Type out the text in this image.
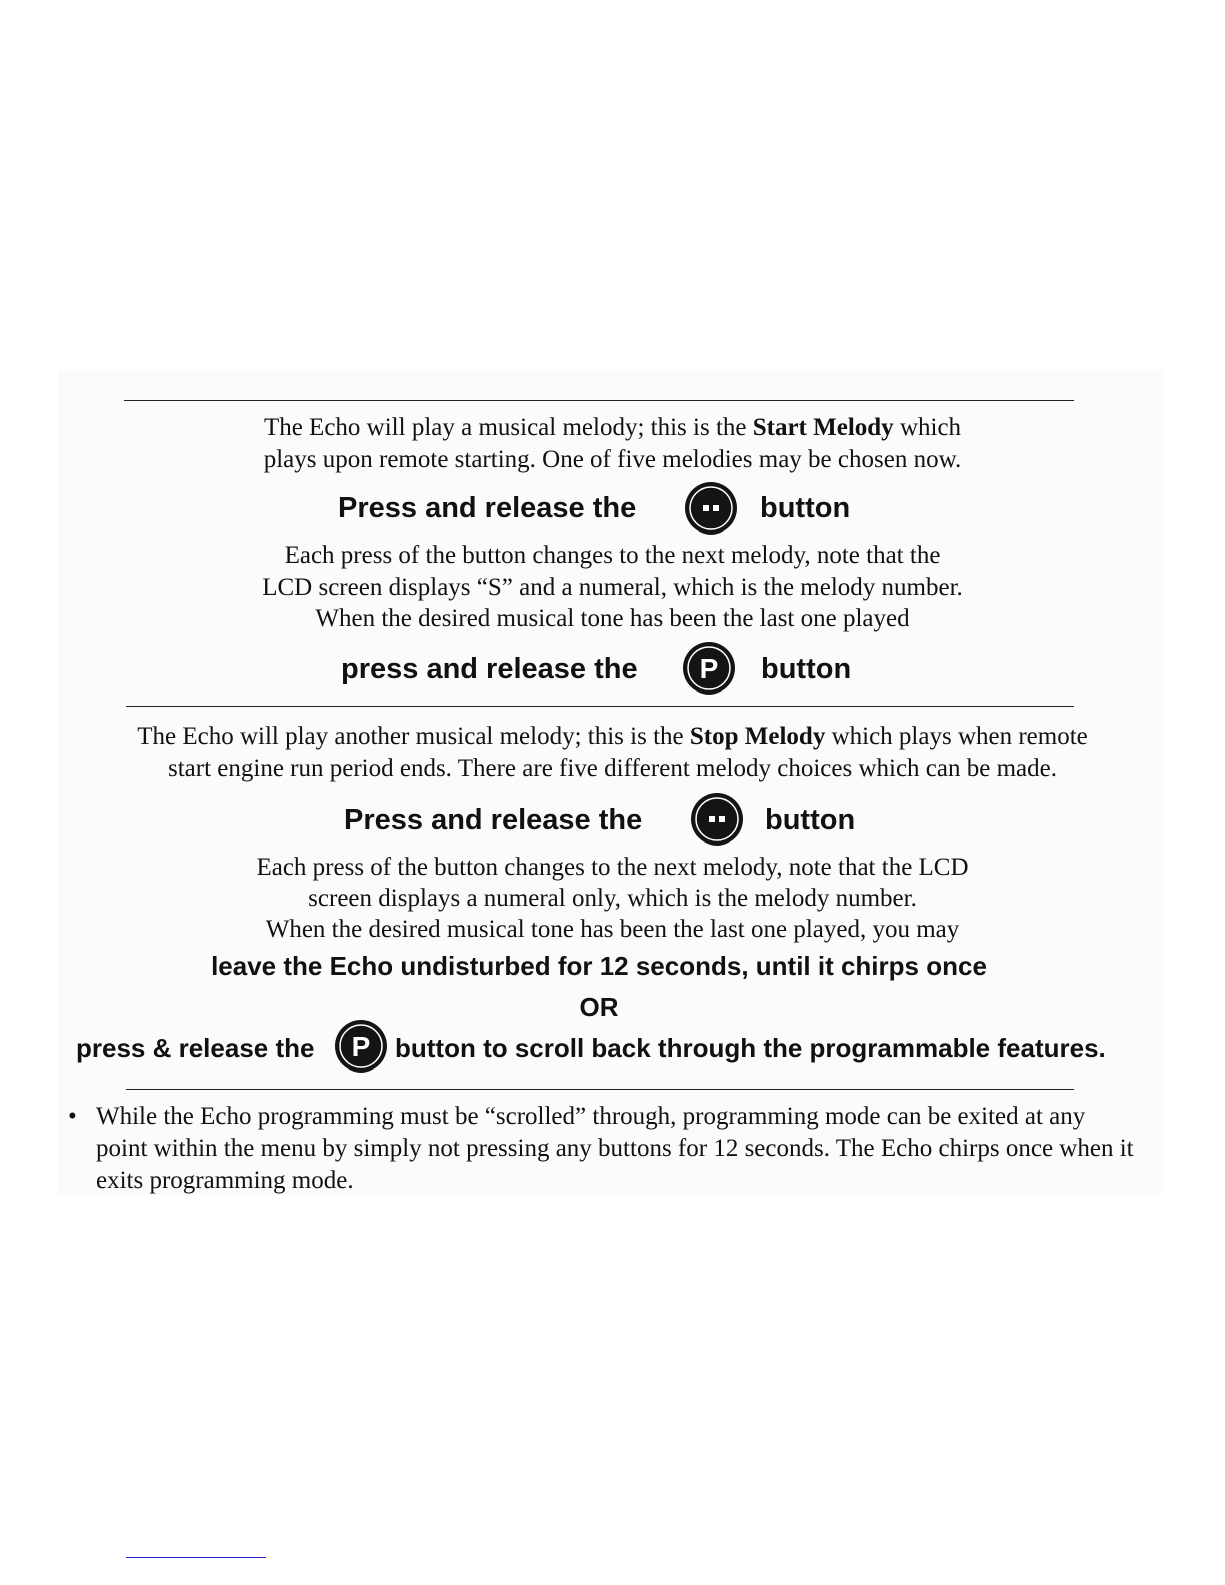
The Echo will play a musical melody; this is the Start Melody which
plays upon remote starting. One of five melodies may be chosen now.
Press and release the	button
Each press of the button changes to the next melody, note that the
LCD screen displays “S” and a numeral, which is the melody number.
When the desired musical tone has been the last one played
press and release the P button
The Echo will play another musical melody; this is the Stop Melody which plays when remote
start engine run period ends. There are five different melody choices which can be made.
Press and release the	button
Each press of the button changes to the next melody, note that the LCD
screen displays a numeral only, which is the melody number.
When the desired musical tone has been the last one played, you may
leave the Echo undisturbed for 12 seconds, until it chirps once
OR
press & release the P button to scroll back through the programmable features.
• While the Echo programming must be “scrolled” through, programming mode can be exited at any point within the menu by simply not pressing any buttons for 12 seconds. The Echo chirps once when it exits programming mode.
